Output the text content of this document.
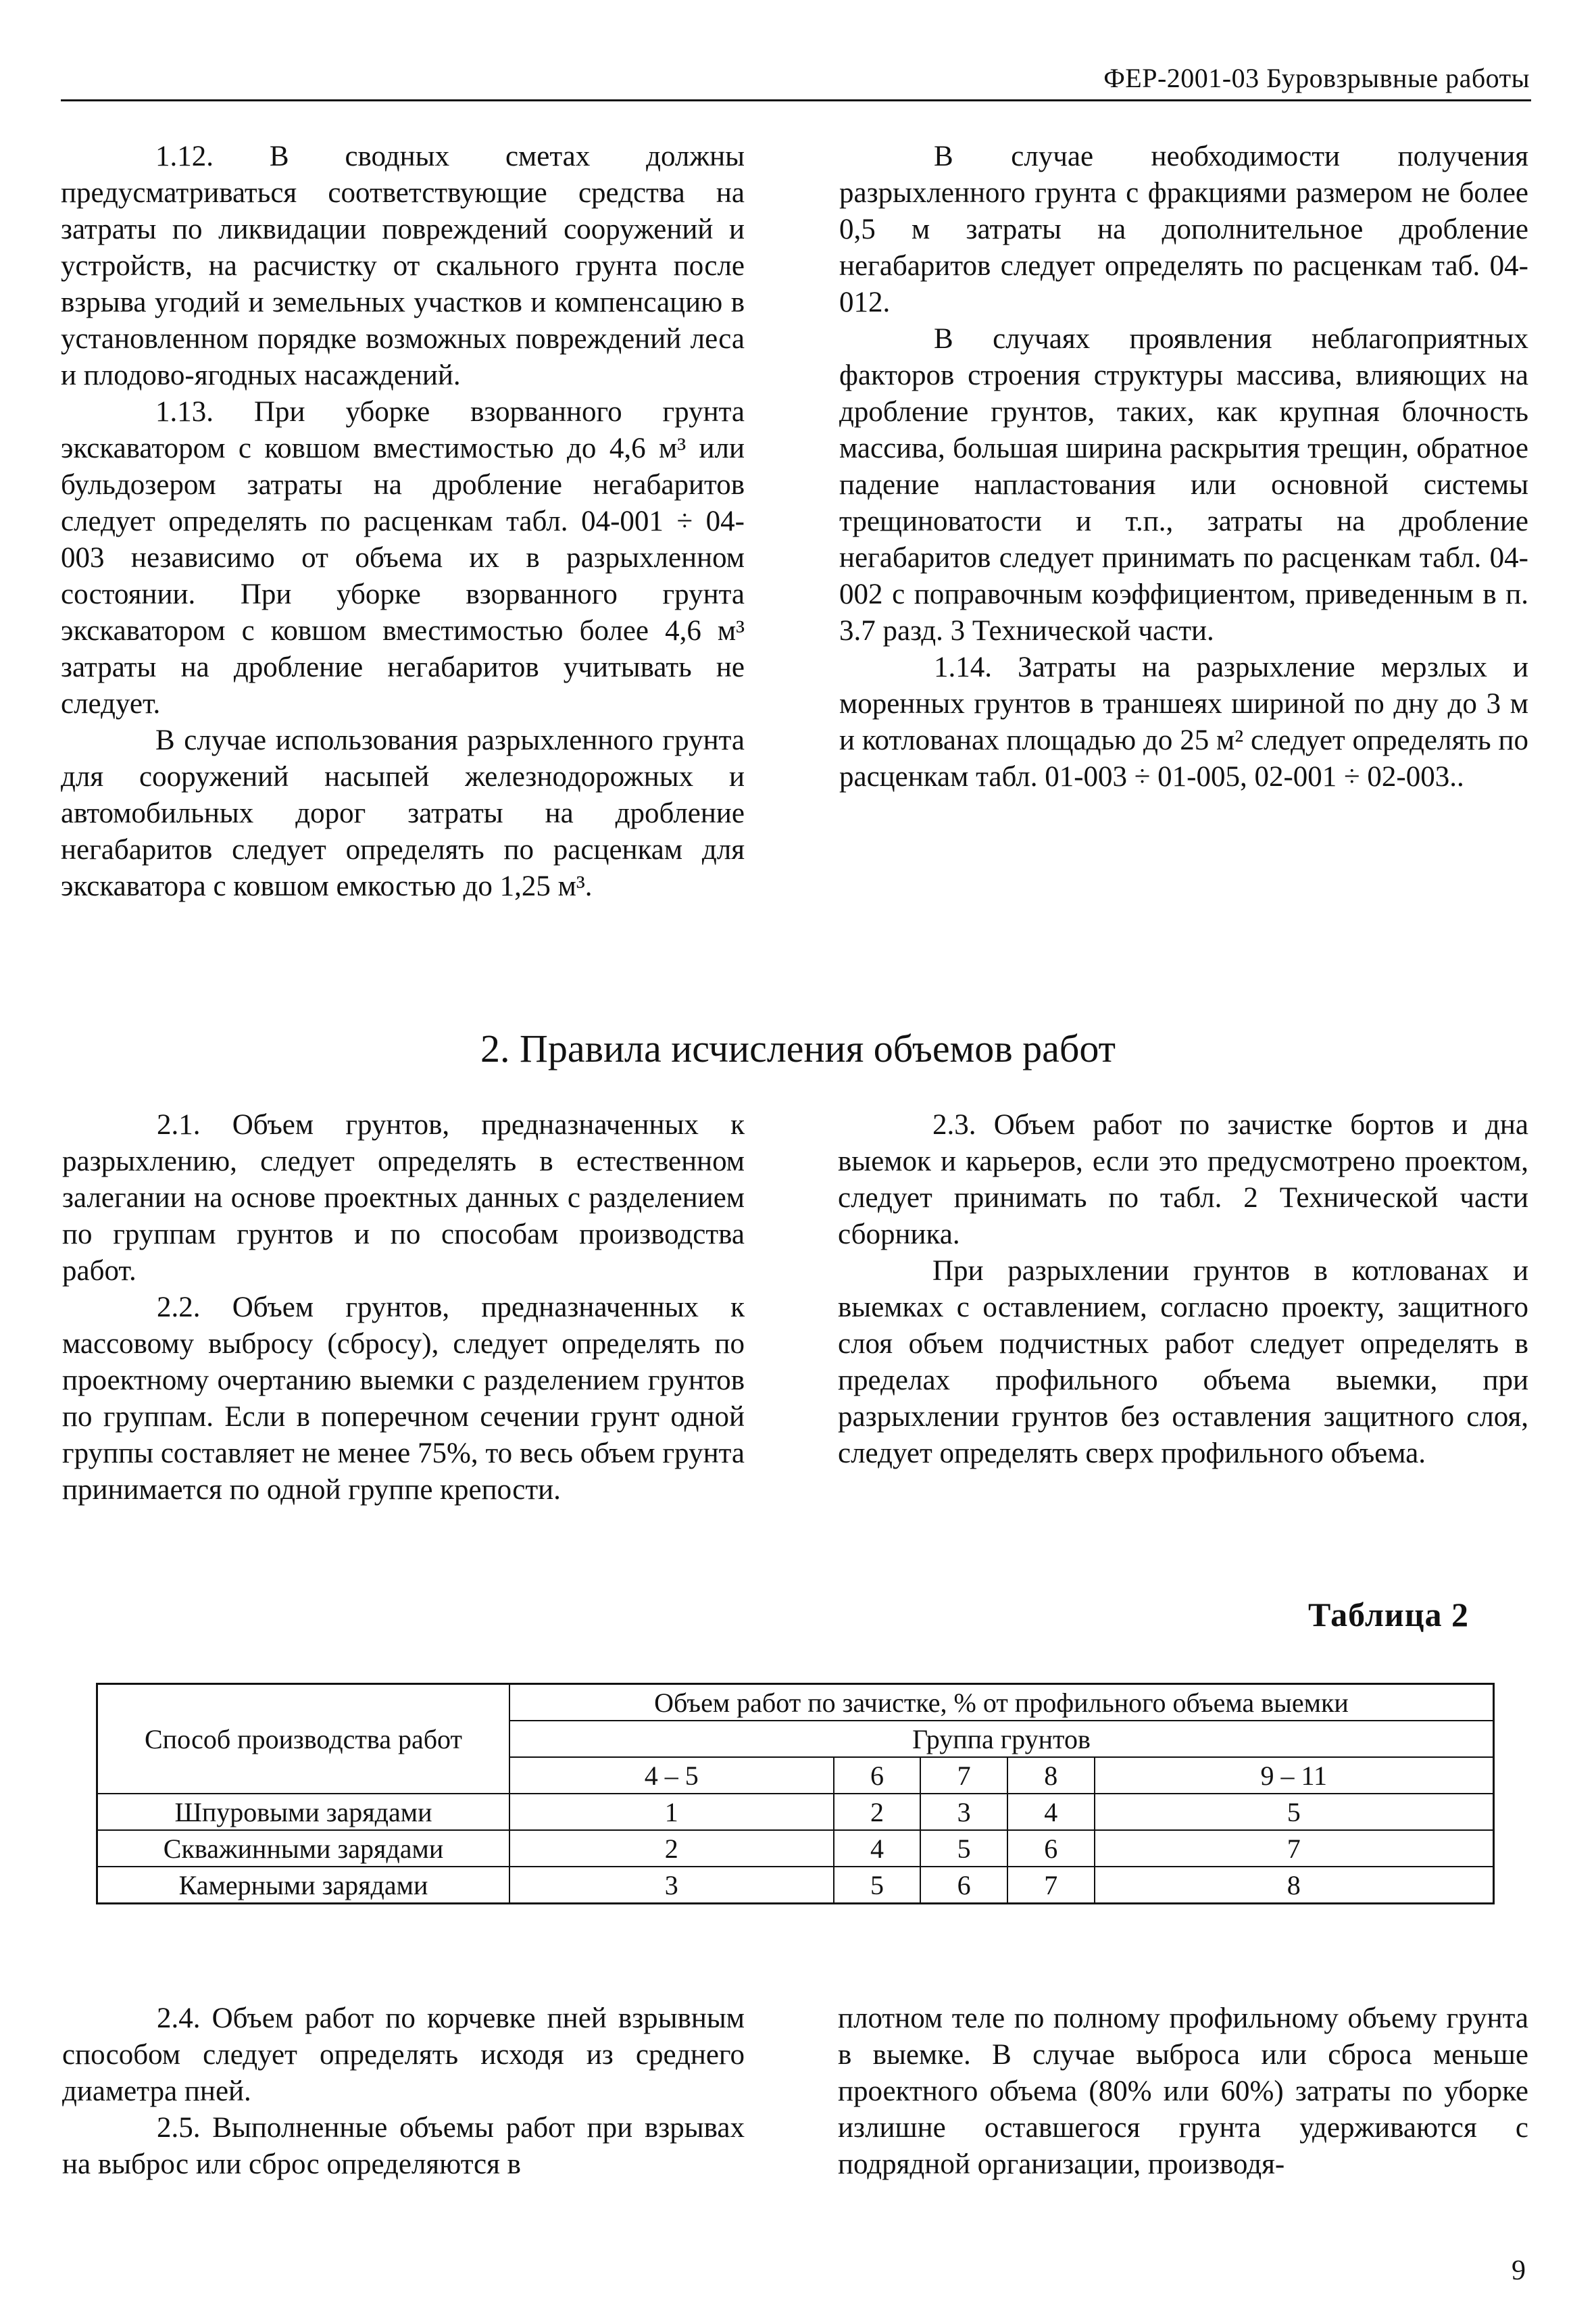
ФЕР-2001-03 Буровзрывные работы

1.12. В сводных сметах должны предусматриваться соответствующие средства на затраты по ликвидации повреждений сооружений и устройств, на расчистку от скального грунта после взрыва угодий и земельных участков и компенсацию в установленном порядке возможных повреждений леса и плодово-ягодных насаждений.

1.13. При уборке взорванного грунта экскаватором с ковшом вместимостью до 4,6 м³ или бульдозером затраты на дробление негабаритов следует определять по расценкам табл. 04-001 ÷ 04-003 независимо от объема их в разрыхленном состоянии. При уборке взорванного грунта экскаватором с ковшом вместимостью более 4,6 м³ затраты на дробление негабаритов учитывать не следует.

В случае использования разрыхленного грунта для сооружений насыпей железнодорожных и автомобильных дорог затраты на дробление негабаритов следует определять по расценкам для экскаватора с ковшом емкостью до 1,25 м³.

В случае необходимости получения разрыхленного грунта с фракциями размером не более 0,5 м затраты на дополнительное дробление негабаритов следует определять по расценкам таб. 04-012.

В случаях проявления неблагоприятных факторов строения структуры массива, влияющих на дробление грунтов, таких, как крупная блочность массива, большая ширина раскрытия трещин, обратное падение напластования или основной системы трещиноватости и т.п., затраты на дробление негабаритов следует принимать по расценкам табл. 04-002 с поправочным коэффициентом, приведенным в п. 3.7 разд. 3 Технической части.

1.14. Затраты на разрыхление мерзлых и моренных грунтов в траншеях шириной по дну до 3 м и котлованах площадью до 25 м² следует определять по расценкам табл. 01-003 ÷ 01-005, 02-001 ÷ 02-003..

2. Правила исчисления объемов работ

2.1. Объем грунтов, предназначенных к разрыхлению, следует определять в естественном залегании на основе проектных данных с разделением по группам грунтов и по способам производства работ.

2.2. Объем грунтов, предназначенных к массовому выбросу (сбросу), следует определять по проектному очертанию выемки с разделением грунтов по группам. Если в поперечном сечении грунт одной группы составляет не менее 75%, то весь объем грунта принимается по одной группе крепости.

2.3. Объем работ по зачистке бортов и дна выемок и карьеров, если это предусмотрено проектом, следует принимать по табл. 2 Технической части сборника.

При разрыхлении грунтов в котлованах и выемках с оставлением, согласно проекту, защитного слоя объем подчистных работ следует определять в пределах профильного объема выемки, при разрыхлении грунтов без оставления защитного слоя, следует определять сверх профильного объема.

Таблица 2
Способ производства работ	Объем работ по зачистке, % от профильного объема выемки				
	Группа грунтов				
	4 – 5	6	7	8	9 – 11
Шпуровыми зарядами	1	2	3	4	5
Скважинными зарядами	2	4	5	6	7
Камерными зарядами	3	5	6	7	8

2.4. Объем работ по корчевке пней взрывным способом следует определять исходя из среднего диаметра пней.

2.5. Выполненные объемы работ при взрывах на выброс или сброс определяются в

плотном теле по полному профильному объему грунта в выемке. В случае выброса или сброса меньше проектного объема (80% или 60%) затраты по уборке излишне оставшегося грунта удерживаются с подрядной организации, производя-

9
